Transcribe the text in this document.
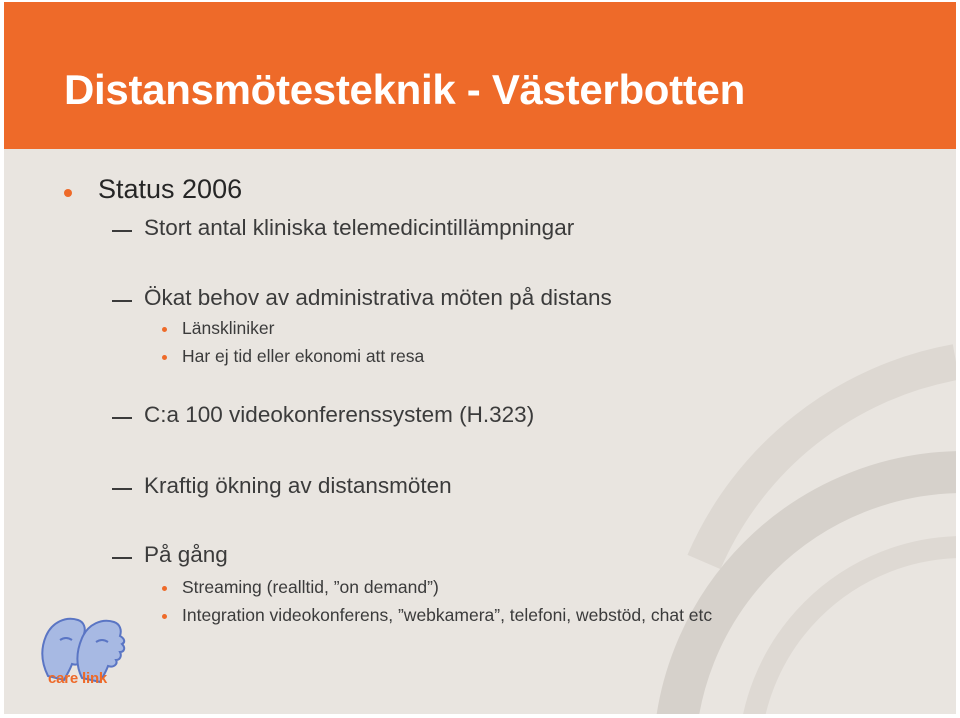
Distansmötesteknik - Västerbotten
Status 2006
Stort antal kliniska telemedicintillämpningar
Ökat behov av administrativa möten på distans
Länskliniker
Har ej tid eller ekonomi att resa
C:a 100 videokonferenssystem (H.323)
Kraftig ökning av distansmöten
På gång
Streaming (realltid, ”on demand”)
Integration videokonferens, ”webkamera”, telefoni, webstöd, chat etc
care link
